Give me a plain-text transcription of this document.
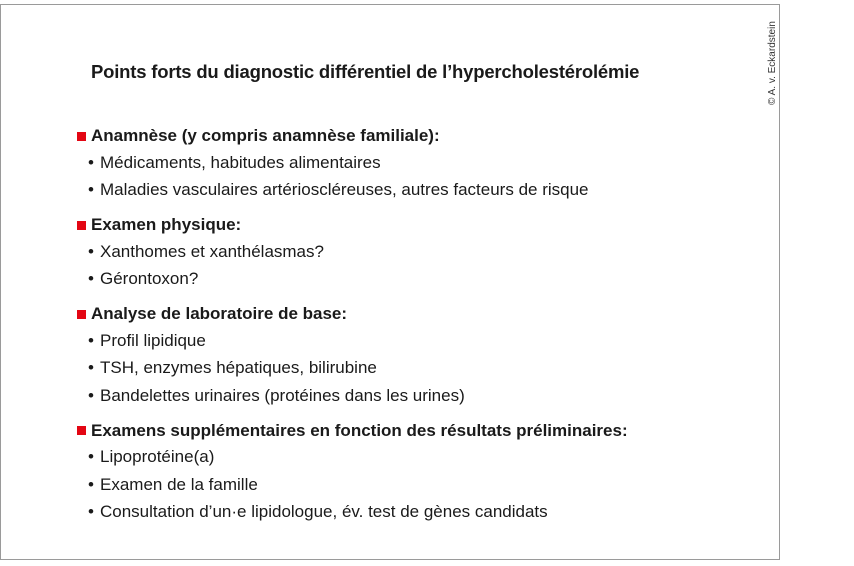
Points forts du diagnostic différentiel de l’hypercholestérolémie	© A. v. Eckardstein
Anamnèse (y compris anamnèse familiale):
• Médicaments, habitudes alimentaires
• Maladies vasculaires artérioscléreuses, autres facteurs de risque
Examen physique:
• Xanthomes et xanthélasmas?
• Gérontoxon?
Analyse de laboratoire de base:
• Profil lipidique
• TSH, enzymes hépatiques, bilirubine
• Bandelettes urinaires (protéines dans les urines)
Examens supplémentaires en fonction des résultats préliminaires:
• Lipoprotéine(a)
• Examen de la famille
• Consultation d’un·e lipidologue, év. test de gènes candidats
